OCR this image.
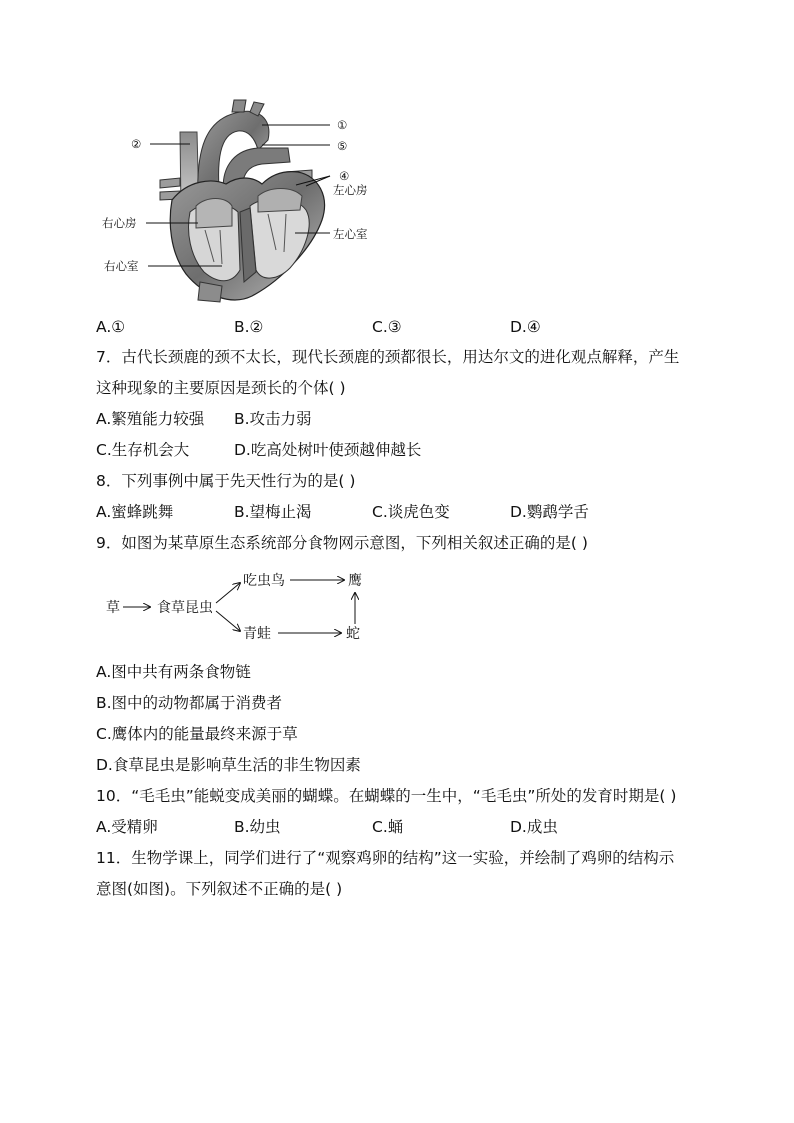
①
②	⑤
④
左心房
右心房
左心室
右心室
A.①	B.②	C.③	D.④
7．古代长颈鹿的颈不太长，现代长颈鹿的颈都很长，用达尔文的进化观点解释，产生
这种现象的主要原因是颈长的个体( )
A.繁殖能力较强 B.攻击力弱
C.生存机会大	D.吃高处树叶使颈越伸越长
8．下列事例中属于先天性行为的是( )
A.蜜蜂跳舞	B.望梅止渴	C.谈虎色变	D.鹦鹉学舌
9．如图为某草原生态系统部分食物网示意图，下列相关叙述正确的是( )
草	食草昆虫
吃虫鸟
青蛙
鹰
蛇
A.图中共有两条食物链
B.图中的动物都属于消费者
C.鹰体内的能量最终来源于草
D.食草昆虫是影响草生活的非生物因素
10．“毛毛虫”能蜕变成美丽的蝴蝶。在蝴蝶的一生中，“毛毛虫”所处的发育时期是( )
A.受精卵	B.幼虫	C.蛹	D.成虫
11．生物学课上，同学们进行了“观察鸡卵的结构”这一实验，并绘制了鸡卵的结构示
意图(如图)。下列叙述不正确的是( )
